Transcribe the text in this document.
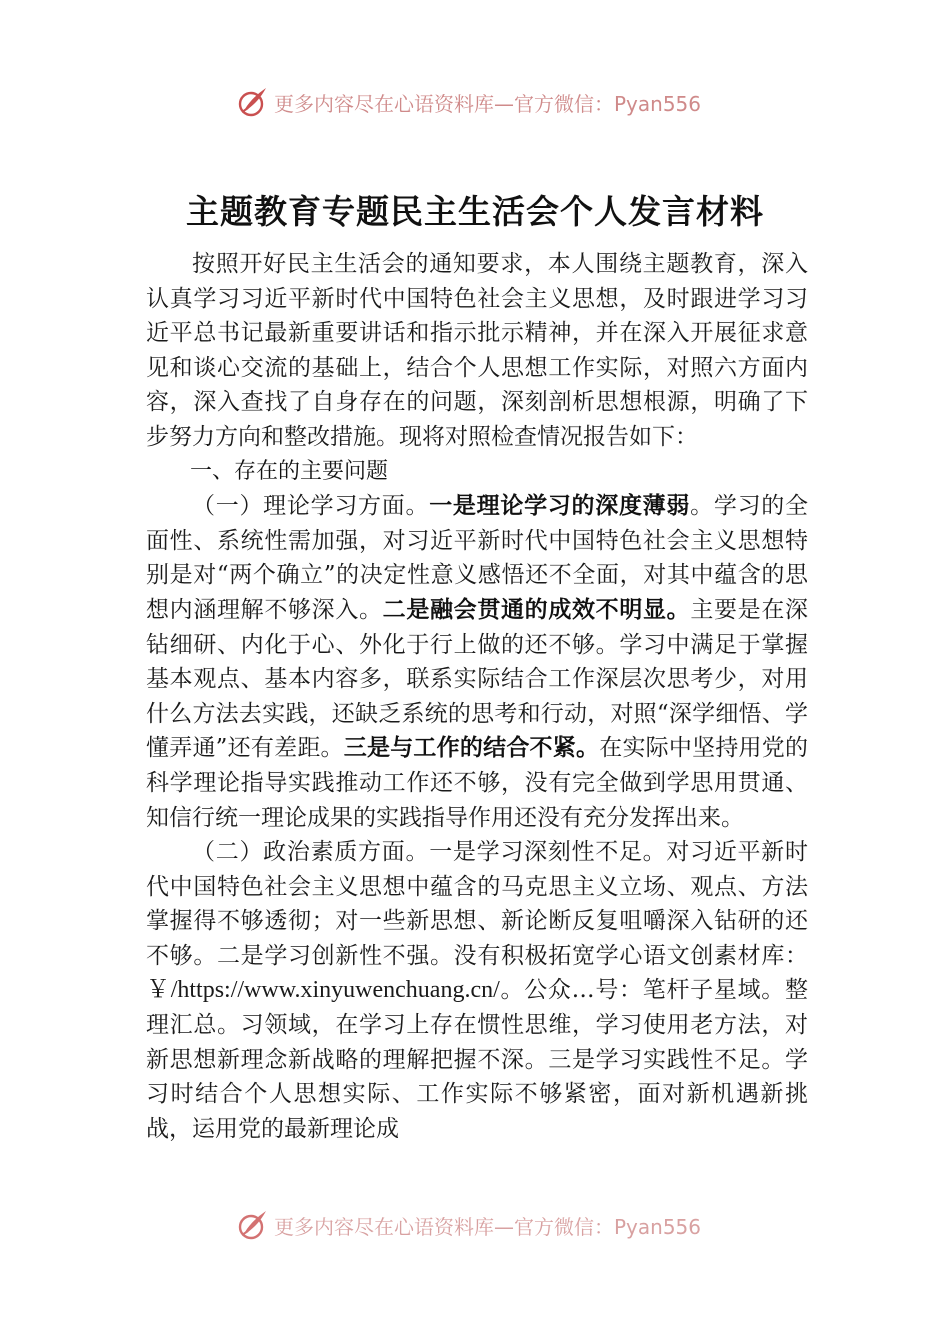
更多内容尽在心语资料库—官方微信：Pyan556
主题教育专题民主生活会个人发言材料

按照开好民主生活会的通知要求，本人围绕主题教育，深入认真学习习近平新时代中国特色社会主义思想，及时跟进学习习近平总书记最新重要讲话和指示批示精神，并在深入开展征求意见和谈心交流的基础上，结合个人思想工作实际，对照六方面内容，深入查找了自身存在的问题，深刻剖析思想根源，明确了下步努力方向和整改措施。现将对照检查情况报告如下：

一、存在的主要问题

（一）理论学习方面。一是理论学习的深度薄弱。学习的全面性、系统性需加强，对习近平新时代中国特色社会主义思想特别是对“两个确立”的决定性意义感悟还不全面，对其中蕴含的思想内涵理解不够深入。二是融会贯通的成效不明显。主要是在深钻细研、内化于心、外化于行上做的还不够。学习中满足于掌握基本观点、基本内容多，联系实际结合工作深层次思考少，对用什么方法去实践，还缺乏系统的思考和行动，对照“深学细悟、学懂弄通”还有差距。三是与工作的结合不紧。在实际中坚持用党的科学理论指导实践推动工作还不够，没有完全做到学思用贯通、知信行统一理论成果的实践指导作用还没有充分发挥出来。

（二）政治素质方面。一是学习深刻性不足。对习近平新时代中国特色社会主义思想中蕴含的马克思主义立场、观点、方法掌握得不够透彻；对一些新思想、新论断反复咀嚼深入钻研的还不够。二是学习创新性不强。没有积极拓宽学心语文创素材库：￥/https://www.xinyuwenchuang.cn/。公众…号：笔杆子星域。整理汇总。习领域，在学习上存在惯性思维，学习使用老方法，对新思想新理念新战略的理解把握不深。三是学习实践性不足。学习时结合个人思想实际、工作实际不够紧密，面对新机遇新挑战，运用党的最新理论成

更多内容尽在心语资料库—官方微信：Pyan556
